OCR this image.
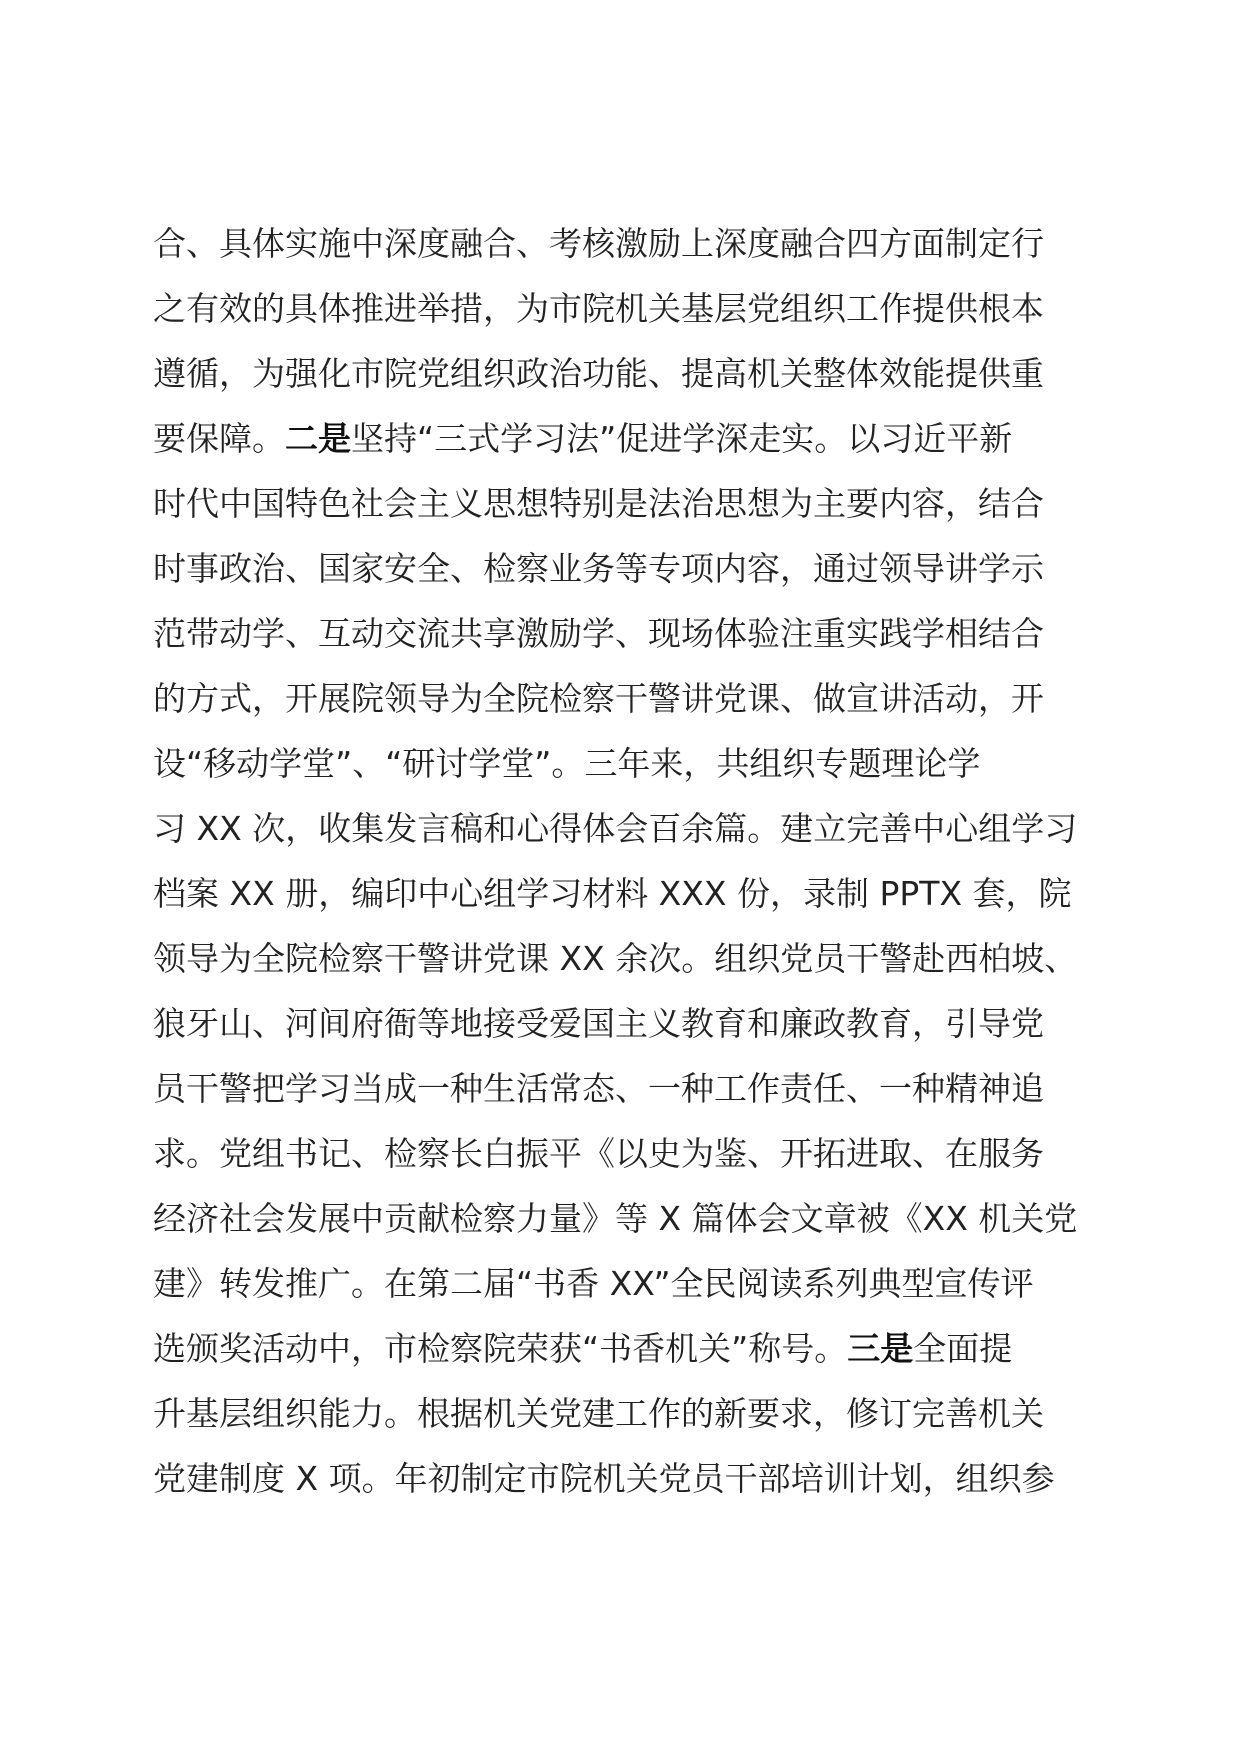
合、具体实施中深度融合、考核激励上深度融合四方面制定行
之有效的具体推进举措，为市院机关基层党组织工作提供根本
遵循，为强化市院党组织政治功能、提高机关整体效能提供重
要保障。二是坚持“三式学习法”促进学深走实。以习近平新
时代中国特色社会主义思想特别是法治思想为主要内容，结合
时事政治、国家安全、检察业务等专项内容，通过领导讲学示
范带动学、互动交流共享激励学、现场体验注重实践学相结合
的方式，开展院领导为全院检察干警讲党课、做宣讲活动，开
设“移动学堂”、“研讨学堂”。三年来，共组织专题理论学
习 XX 次，收集发言稿和心得体会百余篇。建立完善中心组学习
档案 XX 册，编印中心组学习材料 XXX 份，录制 PPTX 套，院
领导为全院检察干警讲党课 XX 余次。组织党员干警赴西柏坡、
狼牙山、河间府衙等地接受爱国主义教育和廉政教育，引导党
员干警把学习当成一种生活常态、一种工作责任、一种精神追
求。党组书记、检察长白振平《以史为鉴、开拓进取、在服务
经济社会发展中贡献检察力量》等 X 篇体会文章被《XX 机关党
建》转发推广。在第二届“书香 XX”全民阅读系列典型宣传评
选颁奖活动中，市检察院荣获“书香机关”称号。三是全面提
升基层组织能力。根据机关党建工作的新要求，修订完善机关
党建制度 X 项。年初制定市院机关党员干部培训计划，组织参
